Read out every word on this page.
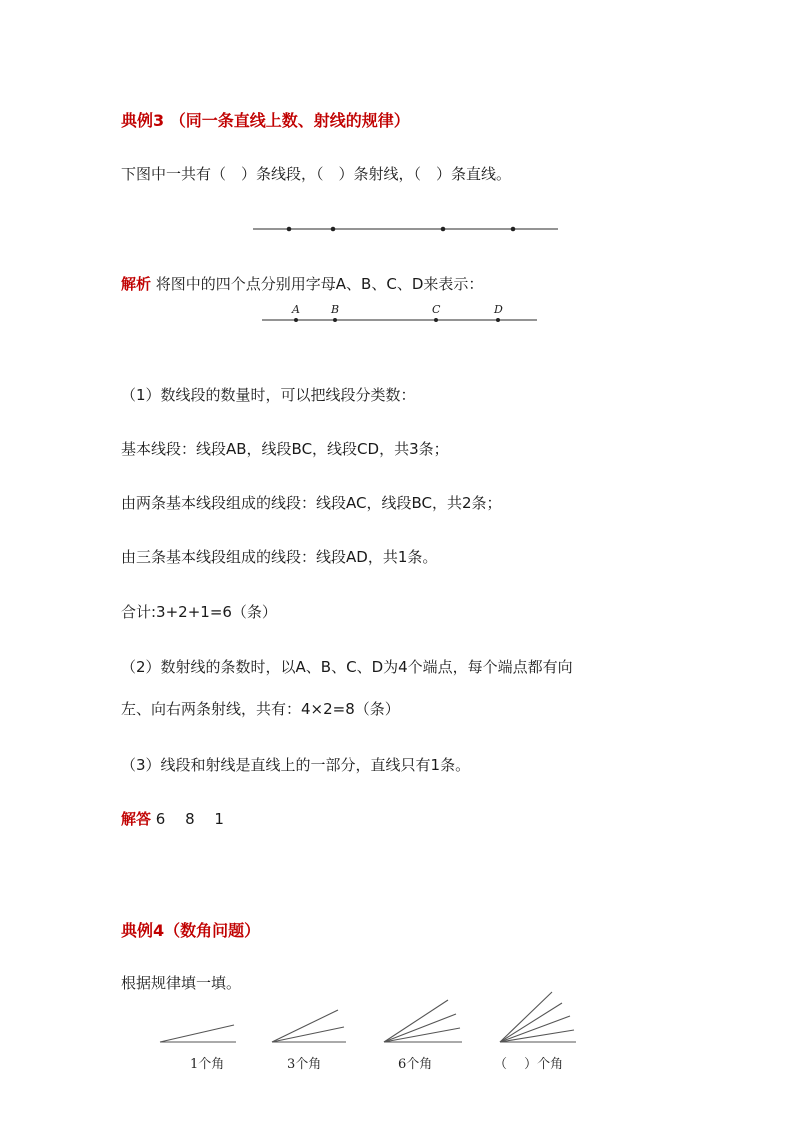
典例3 （同一条直线上数、射线的规律）
下图中一共有（　）条线段，（　）条射线，（　）条直线。
A	B	C	D
1个角	3个角	6个角	（　 ）个角
解析 将图中的四个点分别用字母A、B、C、D来表示：
（1）数线段的数量时，可以把线段分类数：
基本线段：线段AB，线段BC，线段CD，共3条；
由两条基本线段组成的线段：线段AC，线段BC，共2条；
由三条基本线段组成的线段：线段AD，共1条。
合计:3+2+1=6（条）
（2）数射线的条数时，以A、B、C、D为4个端点，每个端点都有向
左、向右两条射线，共有：4×2=8（条）
（3）线段和射线是直线上的一部分，直线只有1条。
解答 6　 8　 1
典例4（数角问题）
根据规律填一填。
